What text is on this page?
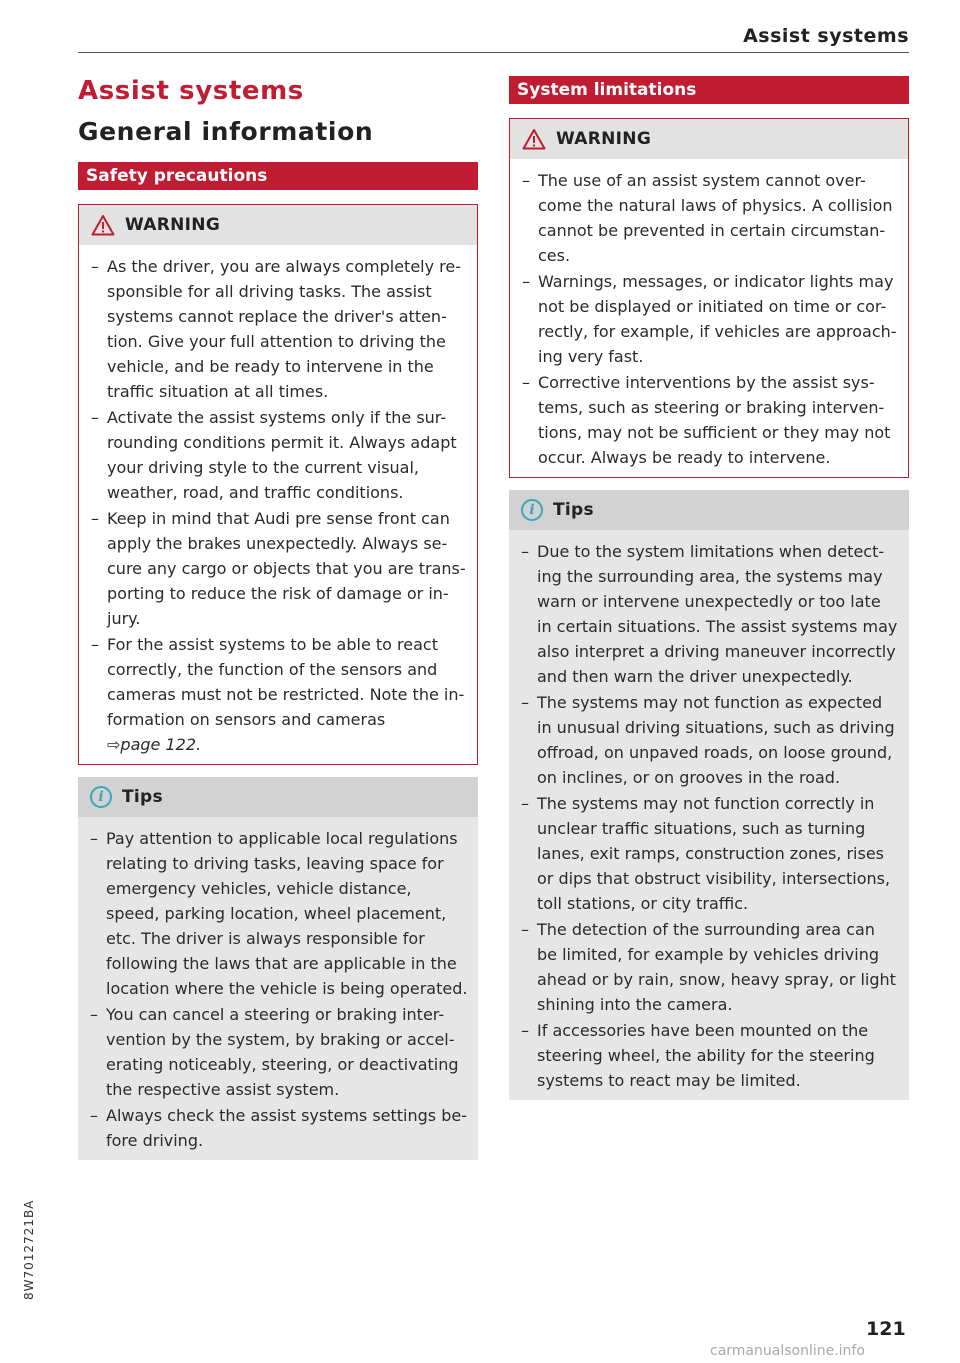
Assist systems
Assist systems
General information
Safety precautions
WARNING
– As the driver, you are always completely re-sponsible for all driving tasks. The assist systems cannot replace the driver's atten-tion. Give your full attention to driving the vehicle, and be ready to intervene in the traffic situation at all times.
– Activate the assist systems only if the sur-rounding conditions permit it. Always adapt your driving style to the current visual, weather, road, and traffic conditions.
– Keep in mind that Audi pre sense front can apply the brakes unexpectedly. Always se-cure any cargo or objects that you are trans-porting to reduce the risk of damage or in-jury.
– For the assist systems to be able to react correctly, the function of the sensors and cameras must not be restricted. Note the in-formation on sensors and cameras
⇨page 122.
i	Tips
– Pay attention to applicable local regulations relating to driving tasks, leaving space for emergency vehicles, vehicle distance, speed, parking location, wheel placement, etc. The driver is always responsible for following the laws that are applicable in the location where the vehicle is being operated.
– You can cancel a steering or braking inter-vention by the system, by braking or accel-erating noticeably, steering, or deactivating the respective assist system.
– Always check the assist systems settings be-fore driving.
System limitations
WARNING
– The use of an assist system cannot over-come the natural laws of physics. A collision cannot be prevented in certain circumstan-ces.
– Warnings, messages, or indicator lights may not be displayed or initiated on time or cor-rectly, for example, if vehicles are approach-ing very fast.
– Corrective interventions by the assist sys-tems, such as steering or braking interven-tions, may not be sufficient or they may not occur. Always be ready to intervene.
i	Tips
– Due to the system limitations when detect-ing the surrounding area, the systems may warn or intervene unexpectedly or too late in certain situations. The assist systems may also interpret a driving maneuver incorrectly and then warn the driver unexpectedly.
– The systems may not function as expected in unusual driving situations, such as driving offroad, on unpaved roads, on loose ground, on inclines, or on grooves in the road.
– The systems may not function correctly in unclear traffic situations, such as turning lanes, exit ramps, construction zones, rises or dips that obstruct visibility, intersections, toll stations, or city traffic.
– The detection of the surrounding area can be limited, for example by vehicles driving ahead or by rain, snow, heavy spray, or light shining into the camera.
– If accessories have been mounted on the steering wheel, the ability for the steering systems to react may be limited.
8W7012721BA
121
carmanualsonline.info
